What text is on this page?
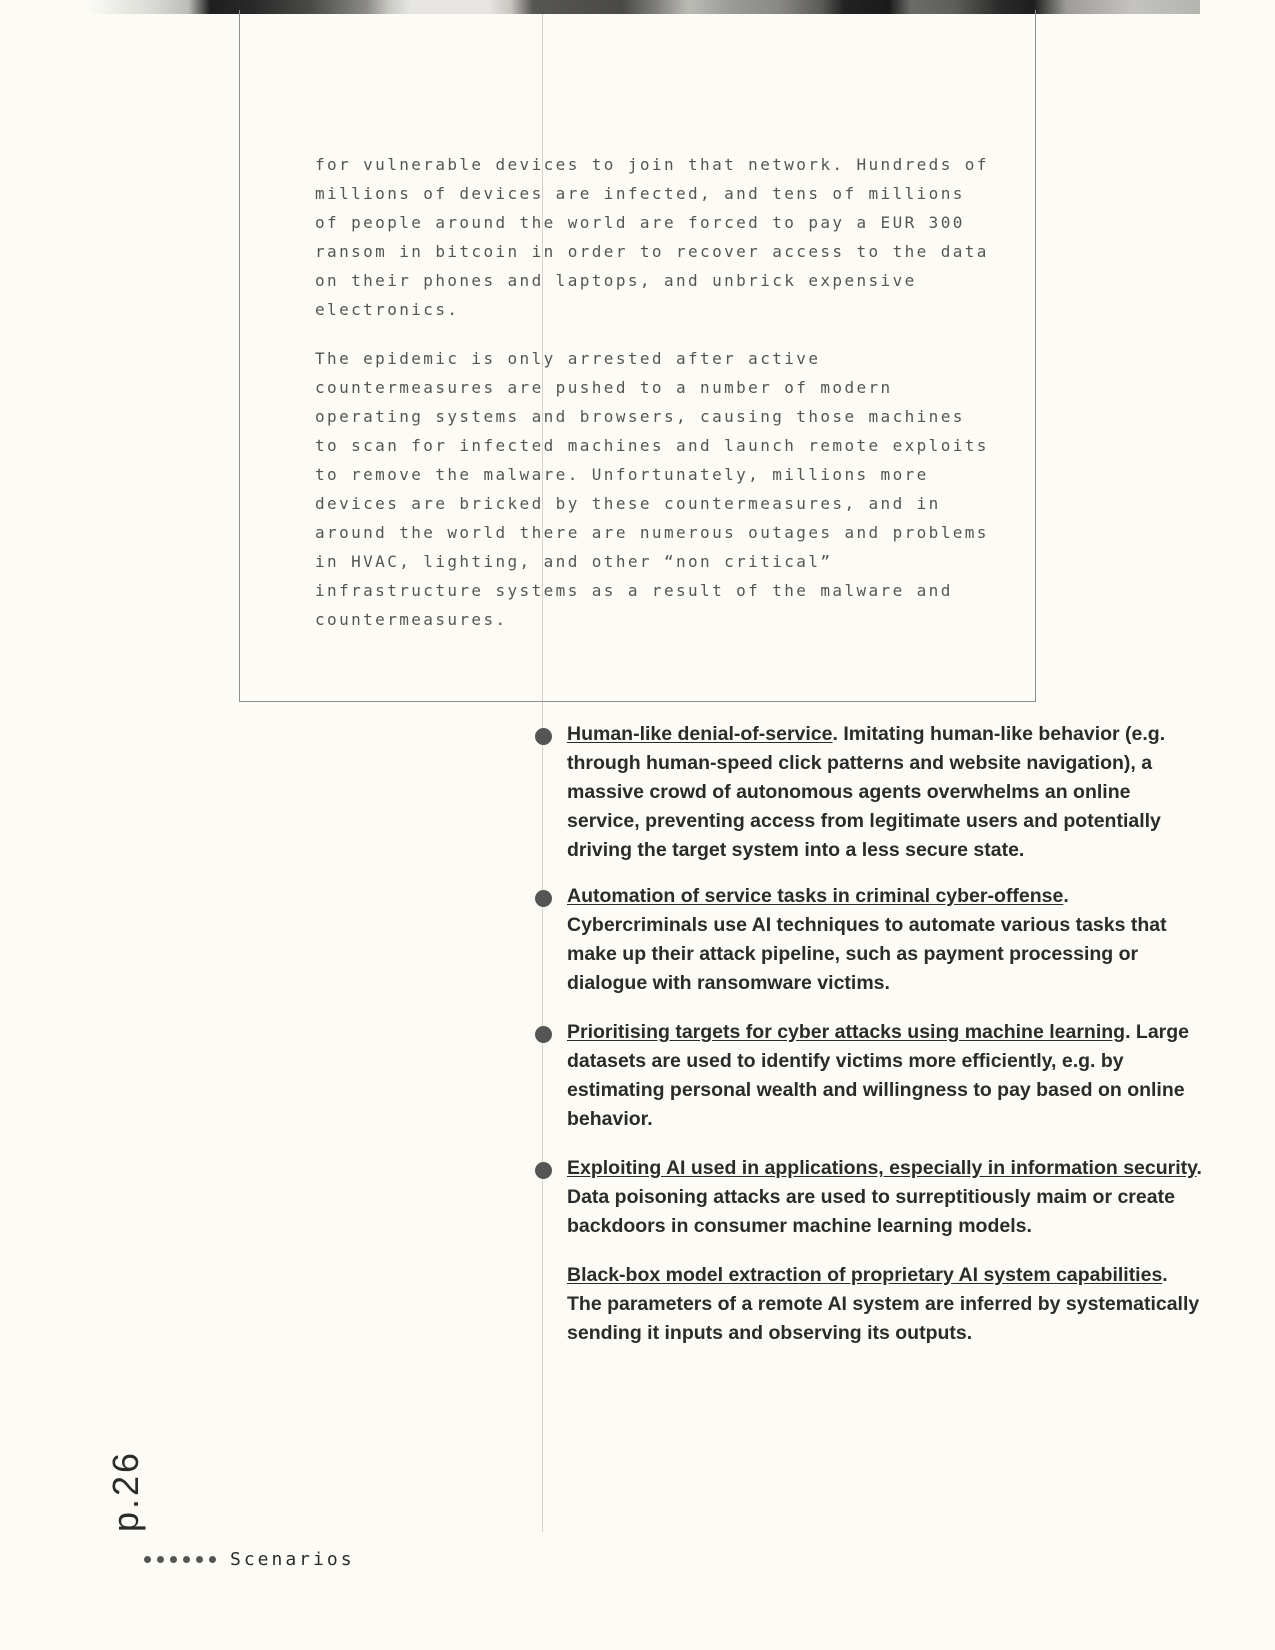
for vulnerable devices to join that network. Hundreds of millions of devices are infected, and tens of millions of people around the world are forced to pay a EUR 300 ransom in bitcoin in order to recover access to the data on their phones and laptops, and unbrick expensive electronics.

The epidemic is only arrested after active countermeasures are pushed to a number of modern operating systems and browsers, causing those machines to scan for infected machines and launch remote exploits to remove the malware. Unfortunately, millions more devices are bricked by these countermeasures, and in around the world there are numerous outages and problems in HVAC, lighting, and other “non critical” infrastructure systems as a result of the malware and countermeasures.

Human-like denial-of-service. Imitating human-like behavior (e.g. through human-speed click patterns and website navigation), a massive crowd of autonomous agents overwhelms an online service, preventing access from legitimate users and potentially driving the target system into a less secure state.
Automation of service tasks in criminal cyber-offense. Cybercriminals use AI techniques to automate various tasks that make up their attack pipeline, such as payment processing or dialogue with ransomware victims.
Prioritising targets for cyber attacks using machine learning. Large datasets are used to identify victims more efficiently, e.g. by estimating personal wealth and willingness to pay based on online behavior.
Exploiting AI used in applications, especially in information security. Data poisoning attacks are used to surreptitiously maim or create backdoors in consumer machine learning models.
Black-box model extraction of proprietary AI system capabilities. The parameters of a remote AI system are inferred by systematically sending it inputs and observing its outputs.
p.26
Scenarios
